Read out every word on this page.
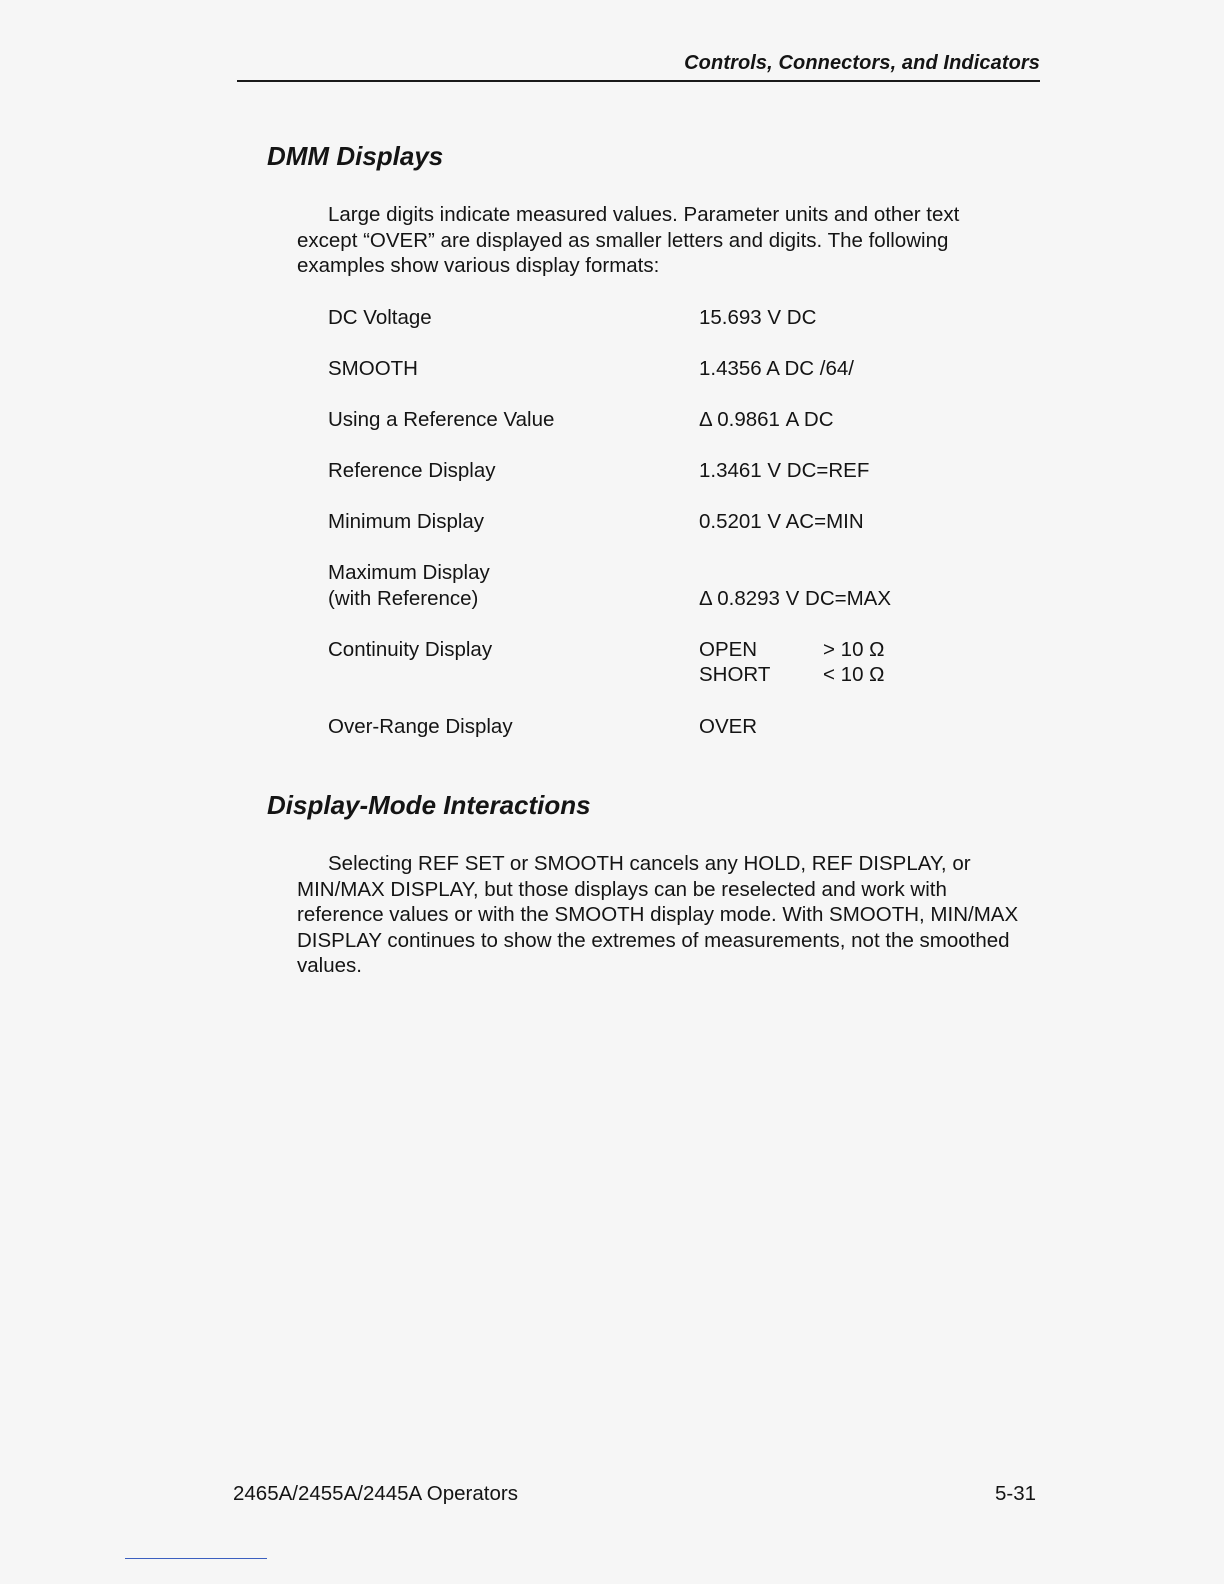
Controls, Connectors, and Indicators
DMM Displays

Large digits indicate measured values. Parameter units and other text
except “OVER” are displayed as smaller letters and digits. The following
examples show various display formats:

DC Voltage	15.693 V DC
SMOOTH	1.4356 A DC /64/
Using a Reference Value	Δ 0.9861 A DC
Reference Display	1.3461 V DC=REF
Minimum Display	0.5201 V AC=MIN
Maximum Display
(with Reference)	Δ 0.8293 V DC=MAX
Continuity Display	OPEN	> 10 Ω
SHORT	< 10 Ω
Over-Range Display	OVER
Display-Mode Interactions

Selecting REF SET or SMOOTH cancels any HOLD, REF DISPLAY, or
MIN/MAX DISPLAY, but those displays can be reselected and work with
reference values or with the SMOOTH display mode. With SMOOTH, MIN/MAX
DISPLAY continues to show the extremes of measurements, not the smoothed
values.

2465A/2455A/2445A Operators	5-31
